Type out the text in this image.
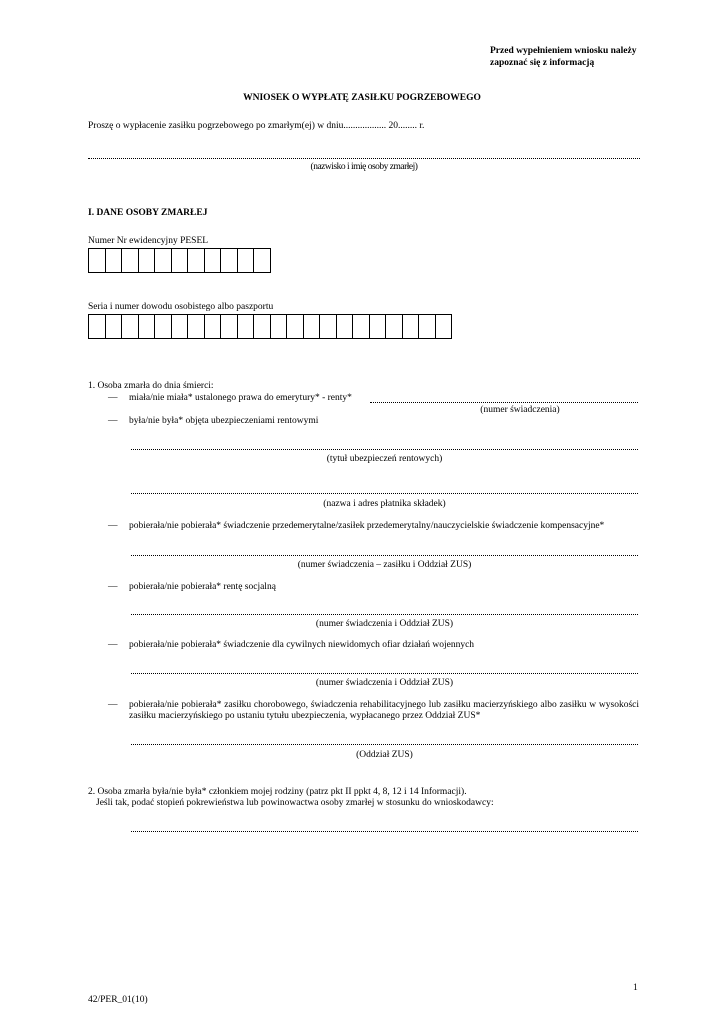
Przed wypełnieniem wniosku należy
zapoznać się z informacją
WNIOSEK O WYPŁATĘ ZASIŁKU POGRZEBOWEGO
Proszę o wypłacenie zasiłku pogrzebowego po zmarłym(ej) w dniu.................. 20........ r.
(nazwisko i imię osoby zmarłej)
I. DANE OSOBY ZMARŁEJ
Numer Nr ewidencyjny PESEL
Seria i numer dowodu osobistego albo paszportu
1. Osoba zmarła do dnia śmierci:
— miała/nie miała* ustalonego prawa do emerytury* - renty*
(numer świadczenia)
— była/nie była* objęta ubezpieczeniami rentowymi
(tytuł ubezpieczeń rentowych)
(nazwa i adres płatnika składek)
— pobierała/nie pobierała* świadczenie przedemerytalne/zasiłek przedemerytalny/nauczycielskie świadczenie kompensacyjne*
(numer świadczenia – zasiłku i Oddział ZUS)
— pobierała/nie pobierała* rentę socjalną
(numer świadczenia i Oddział ZUS)
— pobierała/nie pobierała* świadczenie dla cywilnych niewidomych ofiar działań wojennych
(numer świadczenia i Oddział ZUS)
— pobierała/nie pobierała* zasiłku chorobowego, świadczenia rehabilitacyjnego lub zasiłku macierzyńskiego albo zasiłku w wysokości zasiłku macierzyńskiego po ustaniu tytułu ubezpieczenia, wypłacanego przez Oddział ZUS*
(Oddział ZUS)
2. Osoba zmarła była/nie była* członkiem mojej rodziny (patrz pkt II ppkt 4, 8, 12 i 14 Informacji).
Jeśli tak, podać stopień pokrewieństwa lub powinowactwa osoby zmarłej w stosunku do wnioskodawcy:
1
42/PER_01(10)
